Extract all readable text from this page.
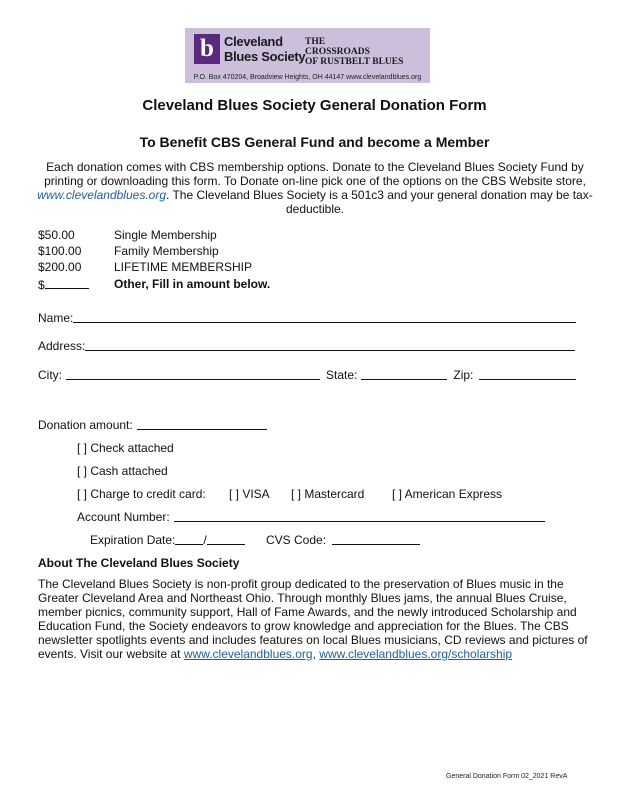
b Cleveland
Blues Society
THE
CROSSROADS
OF RUSTBELT BLUES
P.O. Box 470204, Broadview Heights, OH 44147 www.clevelandblues.org
Cleveland Blues Society General Donation Form
To Benefit CBS General Fund and become a Member
Each donation comes with CBS membership options. Donate to the Cleveland Blues Society Fund by printing or downloading this form. To Donate on-line pick one of the options on the CBS Website store, www.clevelandblues.org. The Cleveland Blues Society is a 501c3 and your general donation may be tax-deductible.
$50.00	Single Membership
$100.00	Family Membership
$200.00	LIFETIME MEMBERSHIP
$	Other, Fill in amount below.
Name:
Address:
City:	State:	Zip:
Donation amount:
[ ] Check attached
[ ] Cash attached
[ ] Charge to credit card: [ ] VISA [ ] Mastercard [ ] American Express
Account Number:
Expiration Date: /	CVS Code:
About The Cleveland Blues Society
The Cleveland Blues Society is non-profit group dedicated to the preservation of Blues music in the Greater Cleveland Area and Northeast Ohio. Through monthly Blues jams, the annual Blues Cruise, member picnics, community support, Hall of Fame Awards, and the newly introduced Scholarship and Education Fund, the Society endeavors to grow knowledge and appreciation for the Blues. The CBS newsletter spotlights events and includes features on local Blues musicians, CD reviews and pictures of events. Visit our website at www.clevelandblues.org, www.clevelandblues.org/scholarship
General Donation Form 02_2021 RevA
